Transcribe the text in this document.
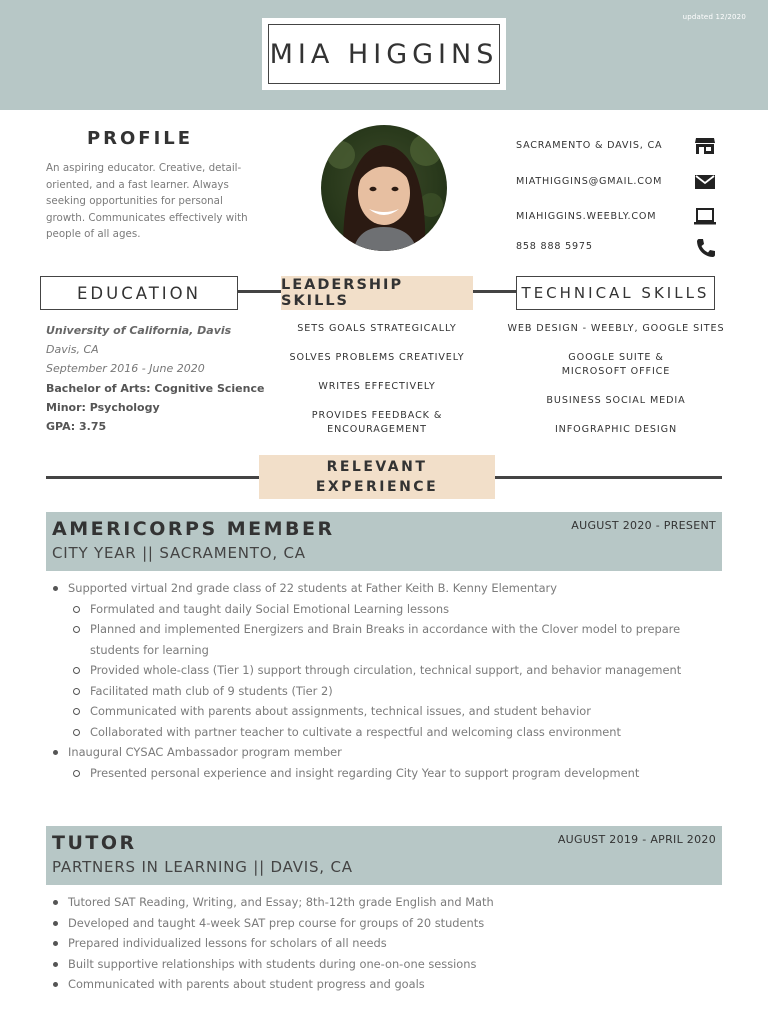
updated 12/2020
MIA HIGGINS
PROFILE
An aspiring educator. Creative, detail-oriented, and a fast learner. Always seeking opportunities for personal growth. Communicates effectively with people of all ages.
SACRAMENTO & DAVIS, CA
MIATHIGGINS@GMAIL.COM
MIAHIGGINS.WEEBLY.COM
858 888 5975
EDUCATION	LEADERSHIP SKILLS	TECHNICAL SKILLS
University of California, Davis
Davis, CA
September 2016 - June 2020
Bachelor of Arts: Cognitive Science
Minor: Psychology
GPA: 3.75
SETS GOALS STRATEGICALLY
SOLVES PROBLEMS CREATIVELY
WRITES EFFECTIVELY
PROVIDES FEEDBACK &
ENCOURAGEMENT
WEB DESIGN - WEEBLY, GOOGLE SITES
GOOGLE SUITE &
MICROSOFT OFFICE
BUSINESS SOCIAL MEDIA
INFOGRAPHIC DESIGN
RELEVANT
EXPERIENCE
AMERICORPS MEMBER
CITY YEAR || SACRAMENTO, CA
AUGUST 2020 - PRESENT
Supported virtual 2nd grade class of 22 students at Father Keith B. Kenny Elementary
Formulated and taught daily Social Emotional Learning lessons
Planned and implemented Energizers and Brain Breaks in accordance with the Clover model to prepare students for learning
Provided whole-class (Tier 1) support through circulation, technical support, and behavior management
Facilitated math club of 9 students (Tier 2)
Communicated with parents about assignments, technical issues, and student behavior
Collaborated with partner teacher to cultivate a respectful and welcoming class environment
Inaugural CYSAC Ambassador program member
Presented personal experience and insight regarding City Year to support program development
TUTOR
PARTNERS IN LEARNING || DAVIS, CA
AUGUST 2019 - APRIL 2020
Tutored SAT Reading, Writing, and Essay; 8th-12th grade English and Math
Developed and taught 4-week SAT prep course for groups of 20 students
Prepared individualized lessons for scholars of all needs
Built supportive relationships with students during one-on-one sessions
Communicated with parents about student progress and goals
